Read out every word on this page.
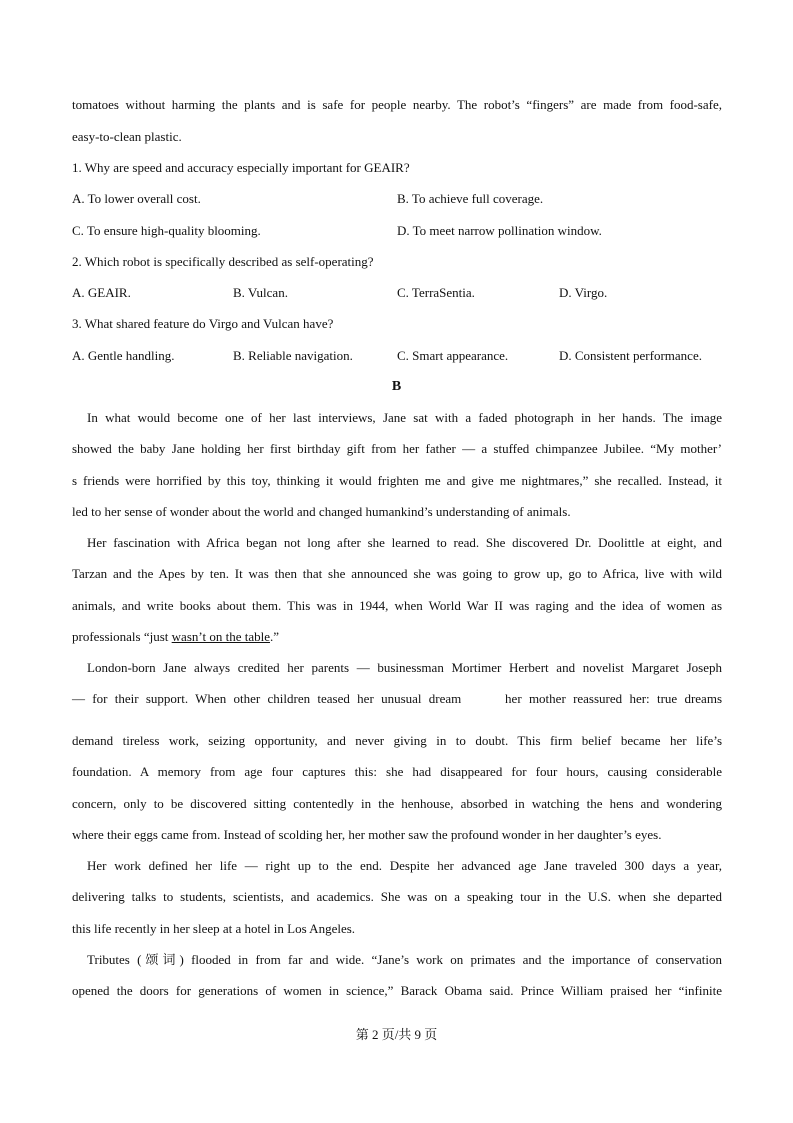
tomatoes without harming the plants and is safe for people nearby. The robot’s “fingers” are made from food-safe,
easy-to-clean plastic.
1. Why are speed and accuracy especially important for GEAIR?
A. To lower overall cost.	B. To achieve full coverage.
C. To ensure high-quality blooming.	D. To meet narrow pollination window.
2. Which robot is specifically described as self-operating?
A. GEAIR.	B. Vulcan.	C. TerraSentia.	D. Virgo.
3. What shared feature do Virgo and Vulcan have?
A. Gentle handling.	B. Reliable navigation.	C. Smart appearance.	D. Consistent performance.
B
In what would become one of her last interviews, Jane sat with a faded photograph in her hands. The image
showed the baby Jane holding her first birthday gift from her father — a stuffed chimpanzee Jubilee. “My mother’
s friends were horrified by this toy, thinking it would frighten me and give me nightmares,” she recalled. Instead, it
led to her sense of wonder about the world and changed humankind’s understanding of animals.
Her fascination with Africa began not long after she learned to read. She discovered Dr. Doolittle at eight, and
Tarzan and the Apes by ten. It was then that she announced she was going to grow up, go to Africa, live with wild
animals, and write books about them. This was in 1944, when World War II was raging and the idea of women as
professionals “just wasn’t on the table.”
London-born Jane always credited her parents — businessman Mortimer Herbert and novelist Margaret Joseph
— for their support. When other children teased her unusual dream      her mother reassured her: true dreams
demand tireless work, seizing opportunity, and never giving in to doubt. This firm belief became her life’s
foundation. A memory from age four captures this: she had disappeared for four hours, causing considerable
concern, only to be discovered sitting contentedly in the henhouse, absorbed in watching the hens and wondering
where their eggs came from. Instead of scolding her, her mother saw the profound wonder in her daughter’s eyes.
Her work defined her life — right up to the end. Despite her advanced age Jane traveled 300 days a year,
delivering talks to students, scientists, and academics. She was on a speaking tour in the U.S. when she departed
this life recently in her sleep at a hotel in Los Angeles.
Tributes (颂词) flooded in from far and wide. “Jane’s work on primates and the importance of conservation
opened the doors for generations of women in science,” Barack Obama said. Prince William praised her “infinite
第 2 页/共 9 页
